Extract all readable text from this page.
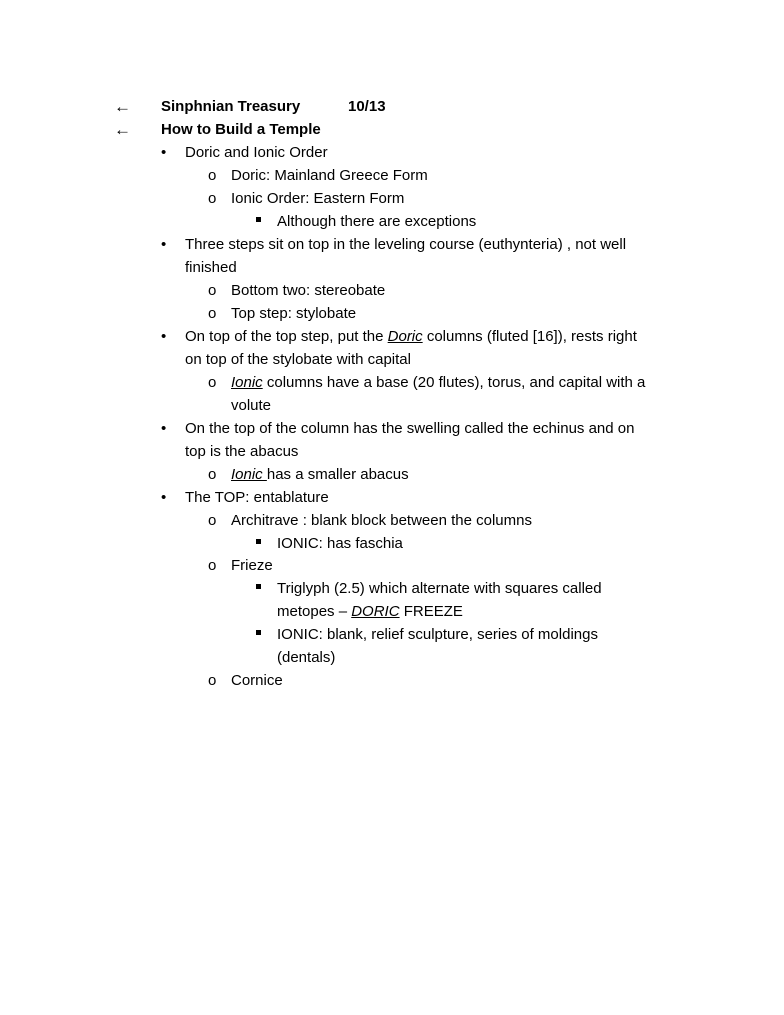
← Sinphnian Treasury	10/13
← How to Build a Temple
• Doric and Ionic Order
o Doric: Mainland Greece Form
o Ionic Order: Eastern Form
Although there are exceptions
• Three steps sit on top in the leveling course (euthynteria) , not well
finished
o Bottom two: stereobate
o Top step: stylobate
• On top of the top step, put the Doric columns (fluted [16]), rests right
on top of the stylobate with capital
o Ionic columns have a base (20 flutes), torus, and capital with a
volute
• On the top of the column has the swelling called the echinus and on
top is the abacus
o Ionic has a smaller abacus
• The TOP: entablature
o Architrave : blank block between the columns
IONIC: has faschia
o Frieze
Triglyph (2.5) which alternate with squares called
metopes – DORIC FREEZE
IONIC: blank, relief sculpture, series of moldings
(dentals)
o Cornice
